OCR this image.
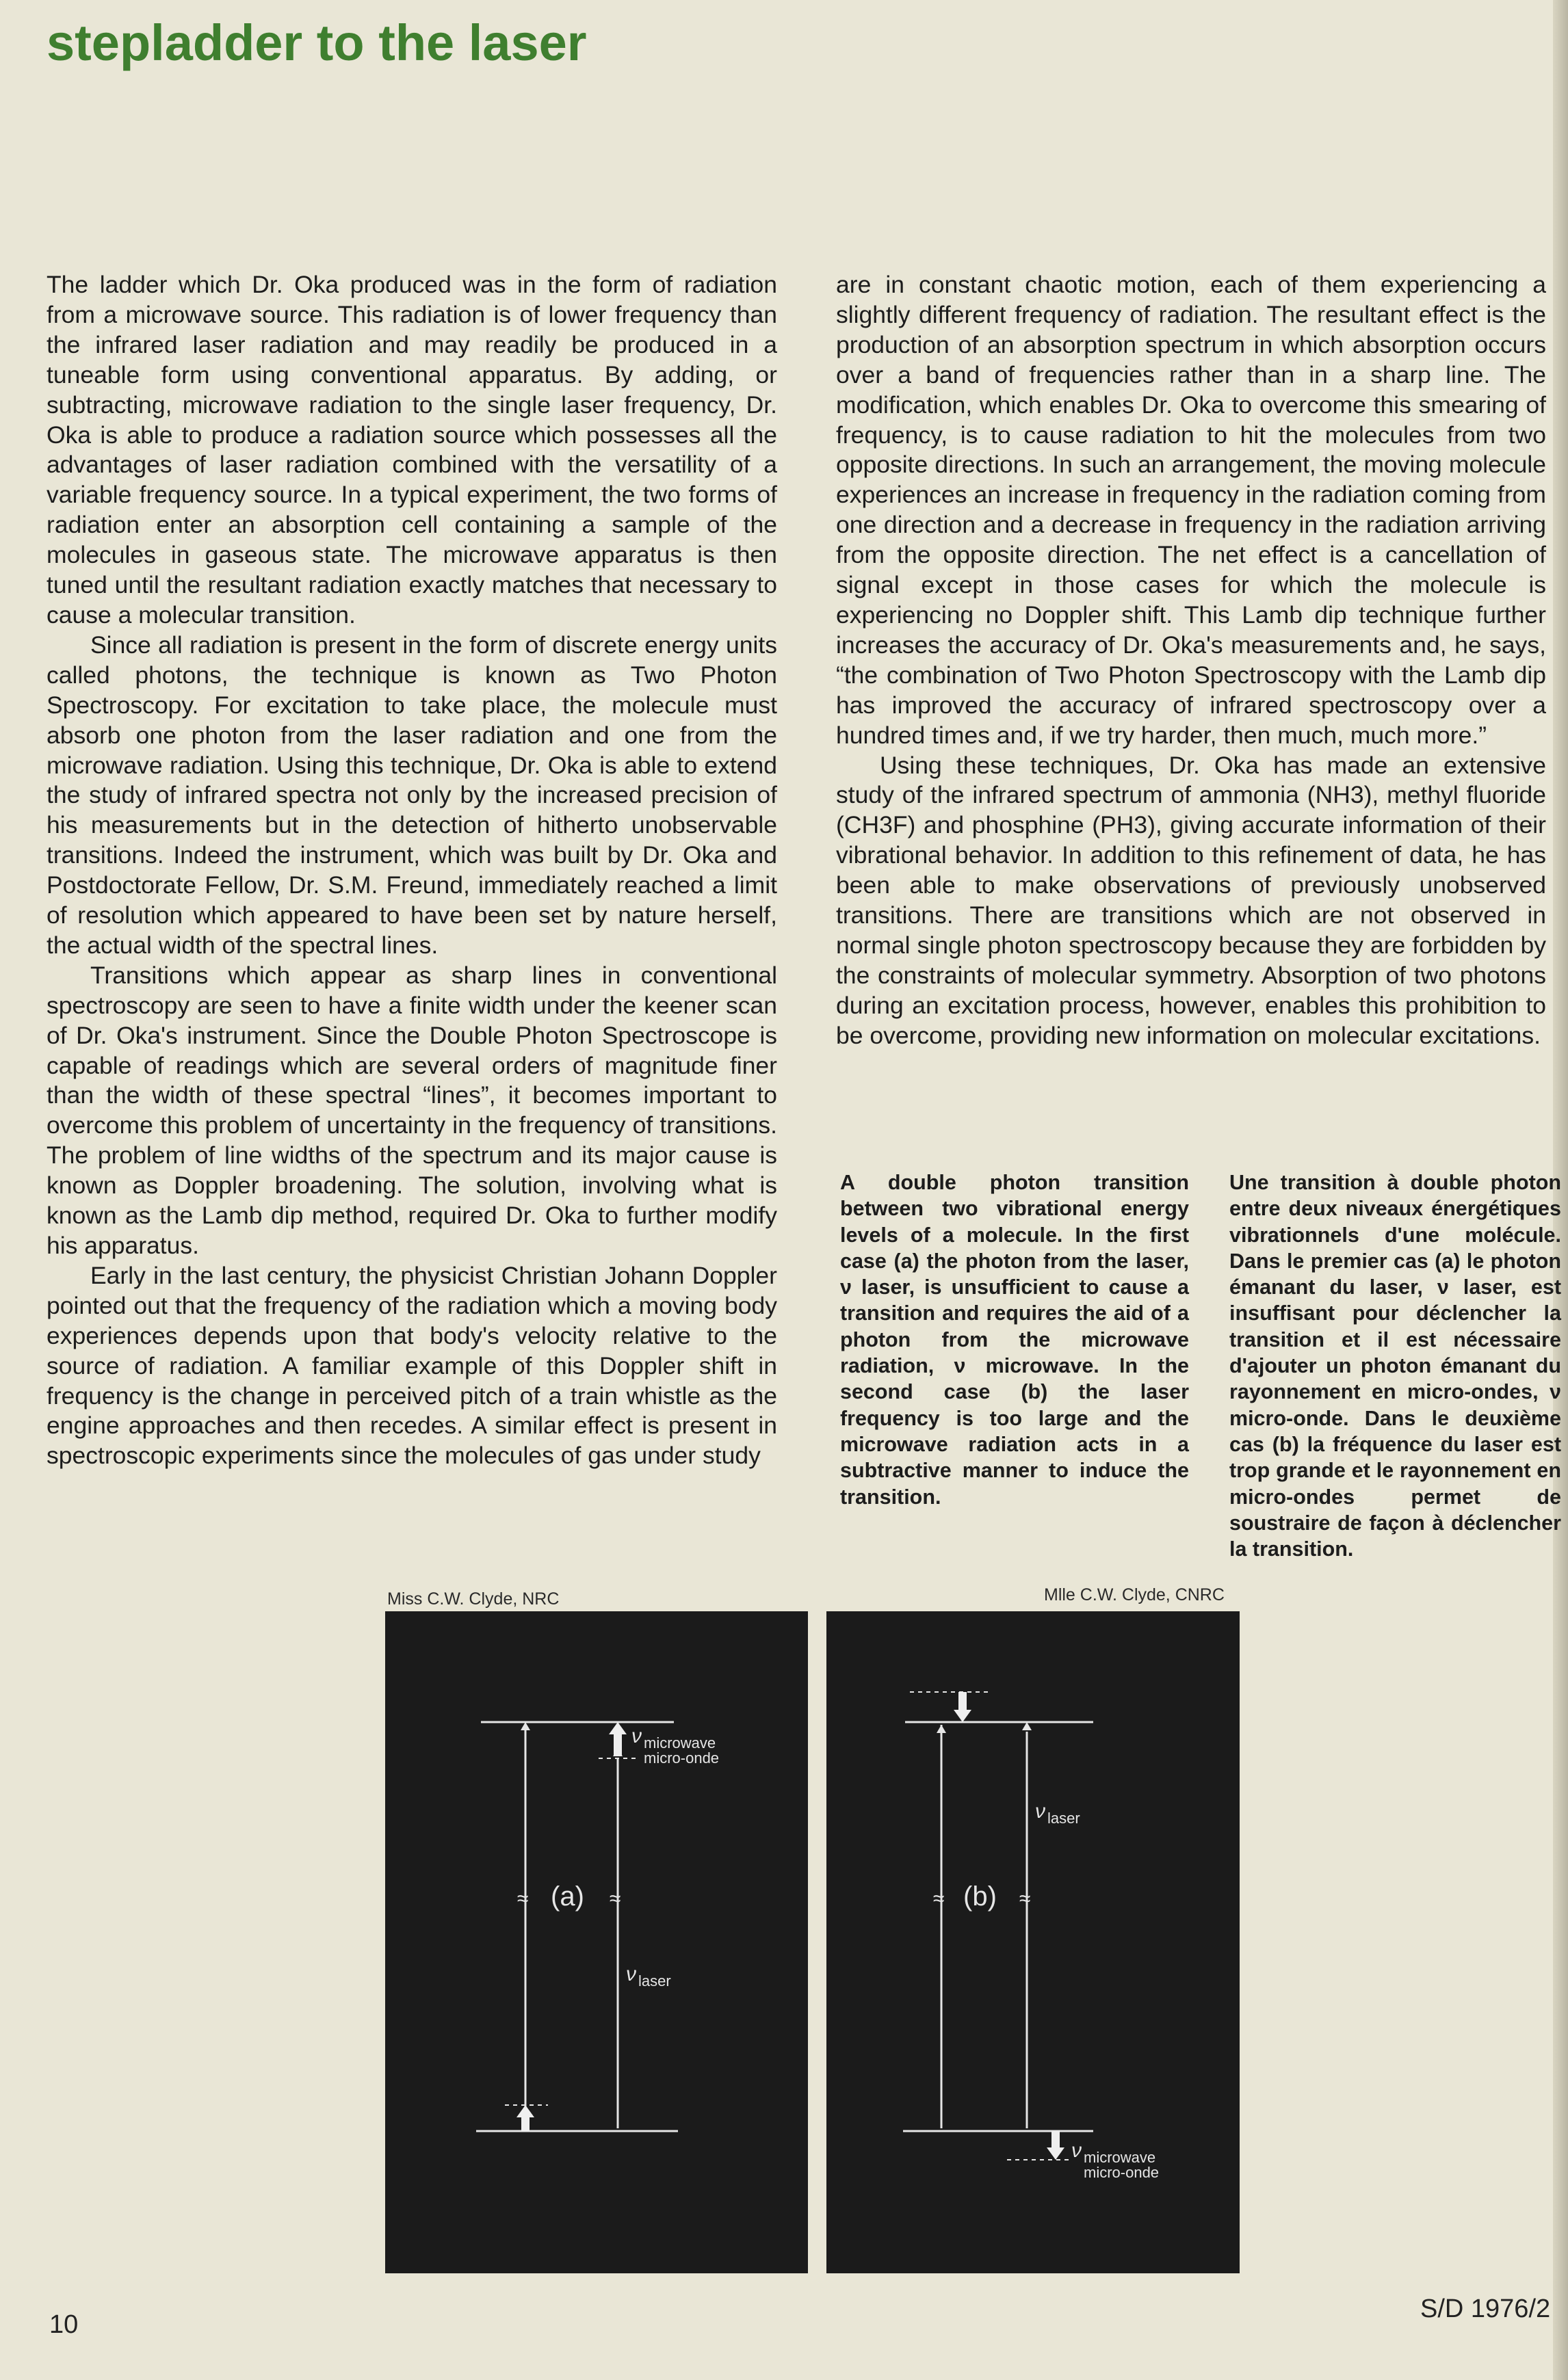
stepladder to the laser

The ladder which Dr. Oka produced was in the form of radiation from a microwave source. This radiation is of lower frequency than the infrared laser radiation and may readily be produced in a tuneable form using conventional apparatus. By adding, or subtracting, microwave radiation to the single laser frequency, Dr. Oka is able to produce a radiation source which possesses all the advantages of laser radiation combined with the versatility of a variable frequency source. In a typical experiment, the two forms of radiation enter an absorption cell containing a sample of the molecules in gaseous state. The microwave apparatus is then tuned until the resultant radiation exactly matches that necessary to cause a molecular transition.

Since all radiation is present in the form of discrete energy units called photons, the technique is known as Two Photon Spectroscopy. For excitation to take place, the molecule must absorb one photon from the laser radiation and one from the microwave radiation. Using this technique, Dr. Oka is able to extend the study of infrared spectra not only by the increased precision of his measurements but in the detection of hitherto unobservable transitions. Indeed the instrument, which was built by Dr. Oka and Postdoctorate Fellow, Dr. S.M. Freund, immediately reached a limit of resolution which appeared to have been set by nature herself, the actual width of the spectral lines.

Transitions which appear as sharp lines in conventional spectroscopy are seen to have a finite width under the keener scan of Dr. Oka's instrument. Since the Double Photon Spectroscope is capable of readings which are several orders of magnitude finer than the width of these spectral “lines”, it becomes important to overcome this problem of uncertainty in the frequency of transitions. The problem of line widths of the spectrum and its major cause is known as Doppler broadening. The solution, involving what is known as the Lamb dip method, required Dr. Oka to further modify his apparatus.

Early in the last century, the physicist Christian Johann Doppler pointed out that the frequency of the radiation which a moving body experiences depends upon that body's velocity relative to the source of radiation. A familiar example of this Doppler shift in frequency is the change in perceived pitch of a train whistle as the engine approaches and then recedes. A similar effect is present in spectroscopic experiments since the molecules of gas under study

are in constant chaotic motion, each of them experiencing a slightly different frequency of radiation. The resultant effect is the production of an absorption spectrum in which absorption occurs over a band of frequencies rather than in a sharp line. The modification, which enables Dr. Oka to overcome this smearing of frequency, is to cause radiation to hit the molecules from two opposite directions. In such an arrangement, the moving molecule experiences an increase in frequency in the radiation coming from one direction and a decrease in frequency in the radiation arriving from the opposite direction. The net effect is a cancellation of signal except in those cases for which the molecule is experiencing no Doppler shift. This Lamb dip technique further increases the accuracy of Dr. Oka's measurements and, he says, “the combination of Two Photon Spectroscopy with the Lamb dip has improved the accuracy of infrared spectroscopy over a hundred times and, if we try harder, then much, much more.”

Using these techniques, Dr. Oka has made an extensive study of the infrared spectrum of ammonia (NH3), methyl fluoride (CH3F) and phosphine (PH3), giving accurate information of their vibrational behavior. In addition to this refinement of data, he has been able to make observations of previously unobserved transitions. There are transitions which are not observed in normal single photon spectroscopy because they are forbidden by the constraints of molecular symmetry. Absorption of two photons during an excitation process, however, enables this prohibition to be overcome, providing new information on molecular excitations.

A double photon transition between two vibrational energy levels of a molecule. In the first case (a) the photon from the laser, ν laser, is unsufficient to cause a transition and requires the aid of a photon from the microwave radiation, ν microwave. In the second case (b) the laser frequency is too large and the microwave radiation acts in a subtractive manner to induce the transition.
Une transition à double photon entre deux niveaux énergétiques vibrationnels d'une molécule. Dans le premier cas (a) le photon émanant du laser, ν laser, est insuffisant pour déclencher la transition et il est nécessaire d'ajouter un photon émanant du rayonnement en micro-ondes, ν micro-onde. Dans le deuxième cas (b) la fréquence du laser est trop grande et le rayonnement en micro-ondes permet de soustraire de façon à déclencher la transition.
Miss C.W. Clyde, NRC	Mlle C.W. Clyde, CNRC
ν microwave
micro-onde
ν laser
(a)
≈	≈
ν laser
ν microwave
micro-onde
(b)
≈	≈
10
S/D 1976/2
